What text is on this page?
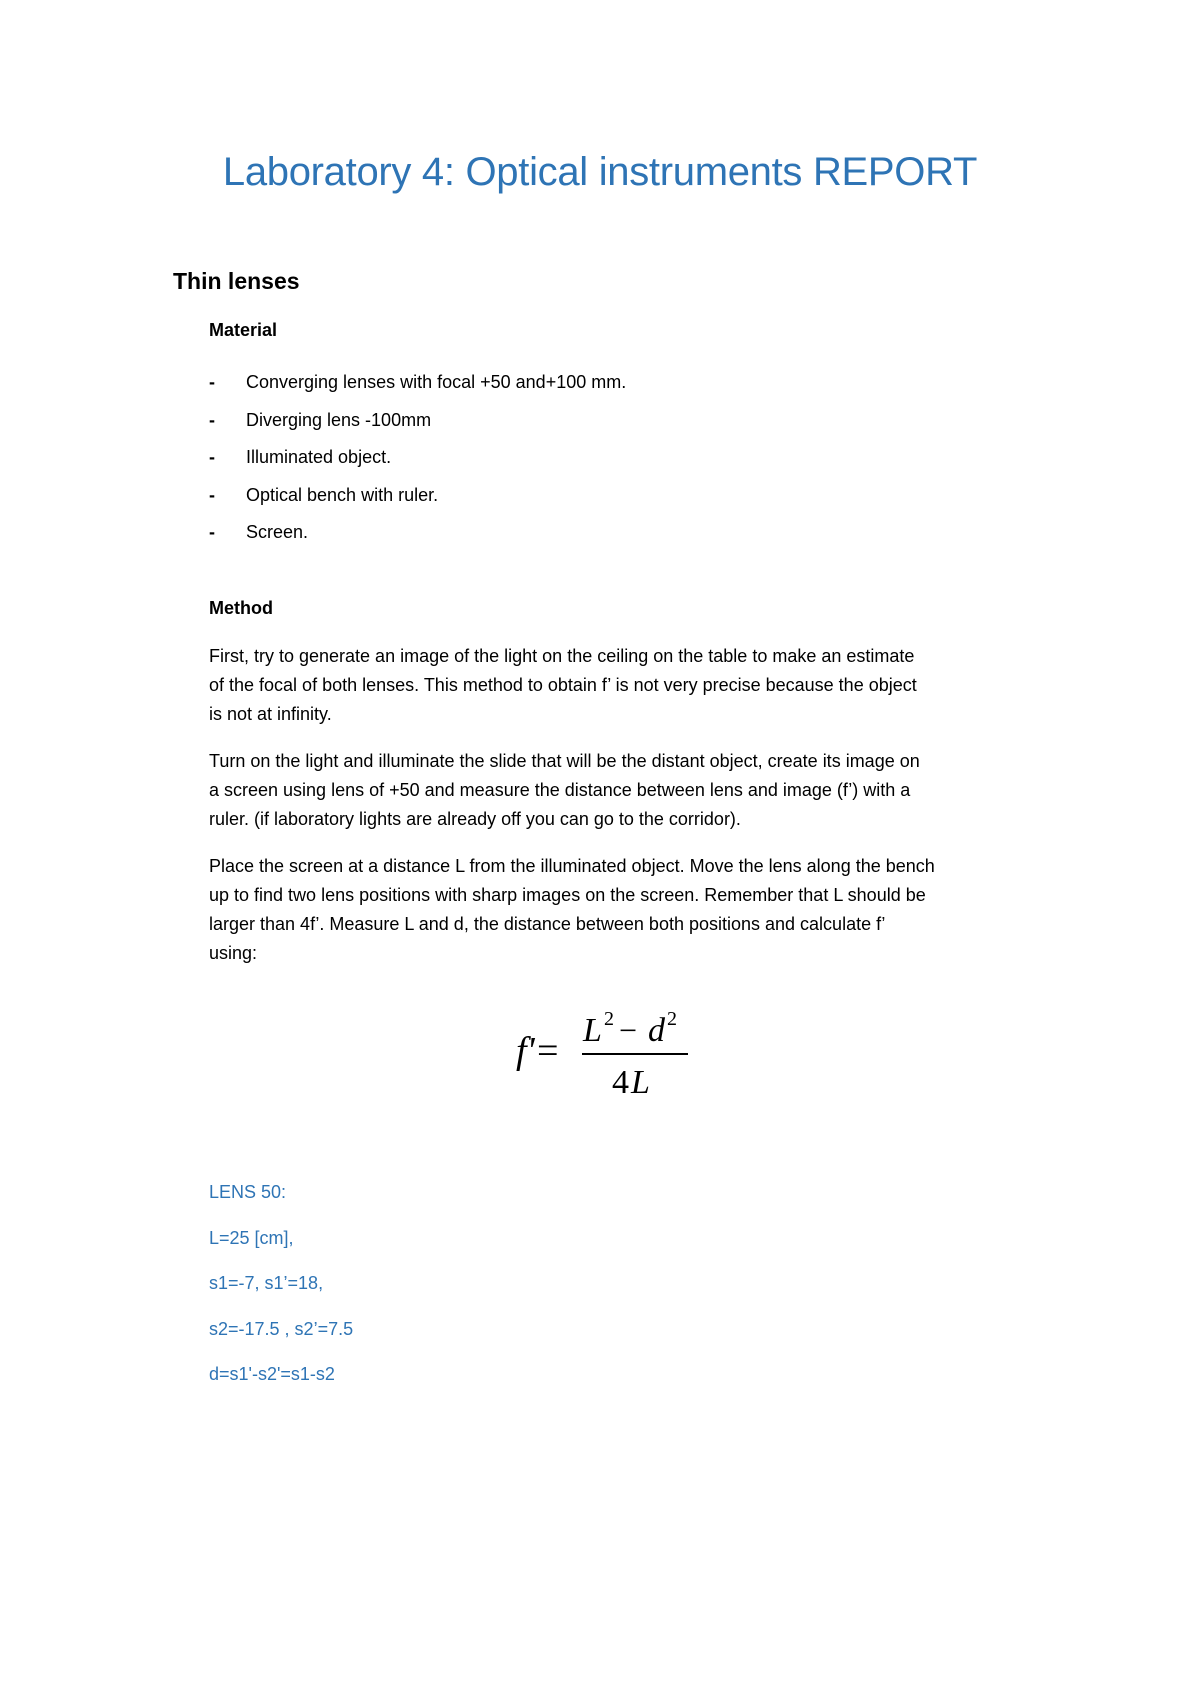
Laboratory 4: Optical instruments REPORT
Thin lenses
Material
- Converging lenses with focal +50 and+100 mm.
- Diverging lens -100mm
- Illuminated object.
- Optical bench with ruler.
- Screen.
Method

First, try to generate an image of the light on the ceiling on the table to make an estimate
of the focal of both lenses. This method to obtain f’ is not very precise because the object
is not at infinity.

Turn on the light and illuminate the slide that will be the distant object, create its image on
a screen using lens of +50 and measure the distance between lens and image (f’) with a
ruler. (if laboratory lights are already off you can go to the corridor).

Place the screen at a distance L from the illuminated object. Move the lens along the bench
up to find two lens positions with sharp images on the screen. Remember that L should be
larger than 4f’. Measure L and d, the distance between both positions and calculate f’
using:

f'= L 2 − d 2
4 L
LENS 50:
L=25 [cm],
s1=-7, s1’=18,
s2=-17.5 , s2’=7.5
d=s1'-s2'=s1-s2
